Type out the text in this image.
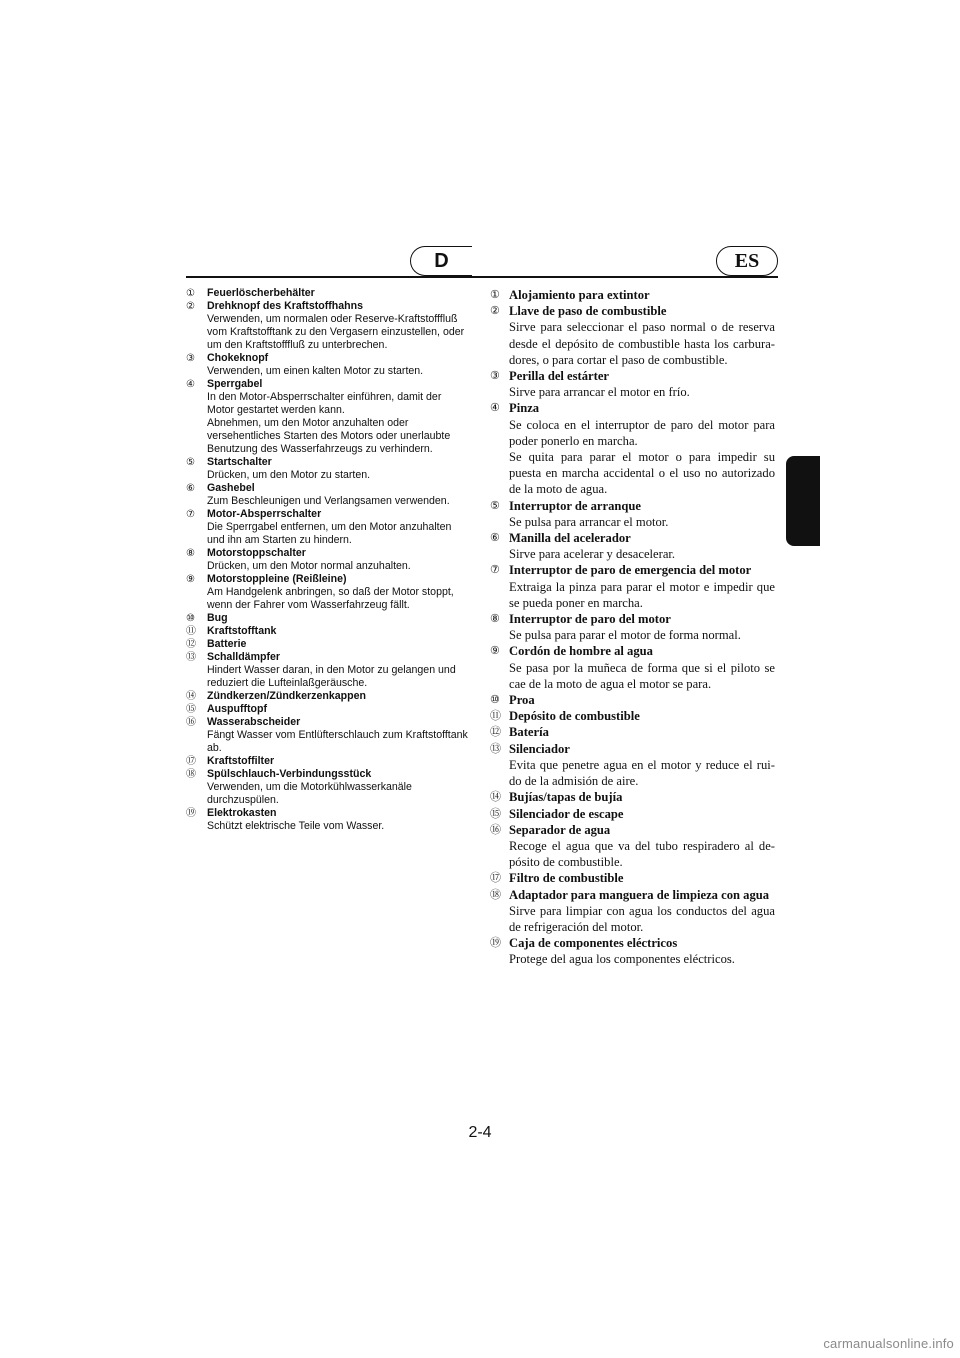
D	ES
① Feuerlöscherbehälter
② Drehknopf des Kraftstoffhahns
Verwenden, um normalen oder Reserve-Kraftstofffluß vom Kraftstofftank zu den Vergasern einzustellen, oder um den Kraftstofffluß zu unterbrechen.
③ Chokeknopf
Verwenden, um einen kalten Motor zu starten.
④ Sperrgabel
In den Motor-Absperrschalter einführen, damit der Motor gestartet werden kann.
Abnehmen, um den Motor anzuhalten oder versehentliches Starten des Motors oder unerlaubte Benutzung des Wasserfahrzeugs zu verhindern.
⑤ Startschalter
Drücken, um den Motor zu starten.
⑥ Gashebel
Zum Beschleunigen und Verlangsamen verwenden.
⑦ Motor-Absperrschalter
Die Sperrgabel entfernen, um den Motor anzuhalten und ihn am Starten zu hindern.
⑧ Motorstoppschalter
Drücken, um den Motor normal anzuhalten.
⑨ Motorstoppleine (Reißleine)
Am Handgelenk anbringen, so daß der Motor stoppt, wenn der Fahrer vom Wasserfahrzeug fällt.
⑩ Bug
⑪ Kraftstofftank
⑫ Batterie
⑬ Schalldämpfer
Hindert Wasser daran, in den Motor zu gelangen und reduziert die Lufteinlaßgeräusche.
⑭ Zündkerzen/Zündkerzenkappen
⑮ Auspufftopf
⑯ Wasserabscheider
Fängt Wasser vom Entlüfterschlauch zum Kraftstofftank ab.
⑰ Kraftstoffilter
⑱ Spülschlauch-Verbindungsstück
Verwenden, um die Motorkühlwasserkanäle durchzuspülen.
⑲ Elektrokasten
Schützt elektrische Teile vom Wasser.
① Alojamiento para extintor
② Llave de paso de combustible
Sirve para seleccionar el paso normal o de reserva desde el depósito de combustible hasta los carbura-dores, o para cortar el paso de combustible.
③ Perilla del estárter
Sirve para arrancar el motor en frío.
④ Pinza
Se coloca en el interruptor de paro del motor para poder ponerlo en marcha.
Se quita para parar el motor o para impedir su puesta en marcha accidental o el uso no autorizado de la moto de agua.
⑤ Interruptor de arranque
Se pulsa para arrancar el motor.
⑥ Manilla del acelerador
Sirve para acelerar y desacelerar.
⑦ Interruptor de paro de emergencia del motor
Extraiga la pinza para parar el motor e impedir que se pueda poner en marcha.
⑧ Interruptor de paro del motor
Se pulsa para parar el motor de forma normal.
⑨ Cordón de hombre al agua
Se pasa por la muñeca de forma que si el piloto se cae de la moto de agua el motor se para.
⑩ Proa
⑪ Depósito de combustible
⑫ Batería
⑬ Silenciador
Evita que penetre agua en el motor y reduce el rui-do de la admisión de aire.
⑭ Bujías/tapas de bujía
⑮ Silenciador de escape
⑯ Separador de agua
Recoge el agua que va del tubo respiradero al de-pósito de combustible.
⑰ Filtro de combustible
⑱ Adaptador para manguera de limpieza con agua
Sirve para limpiar con agua los conductos del agua de refrigeración del motor.
⑲ Caja de componentes eléctricos
Protege del agua los componentes eléctricos.
2-4
carmanualsonline.info
